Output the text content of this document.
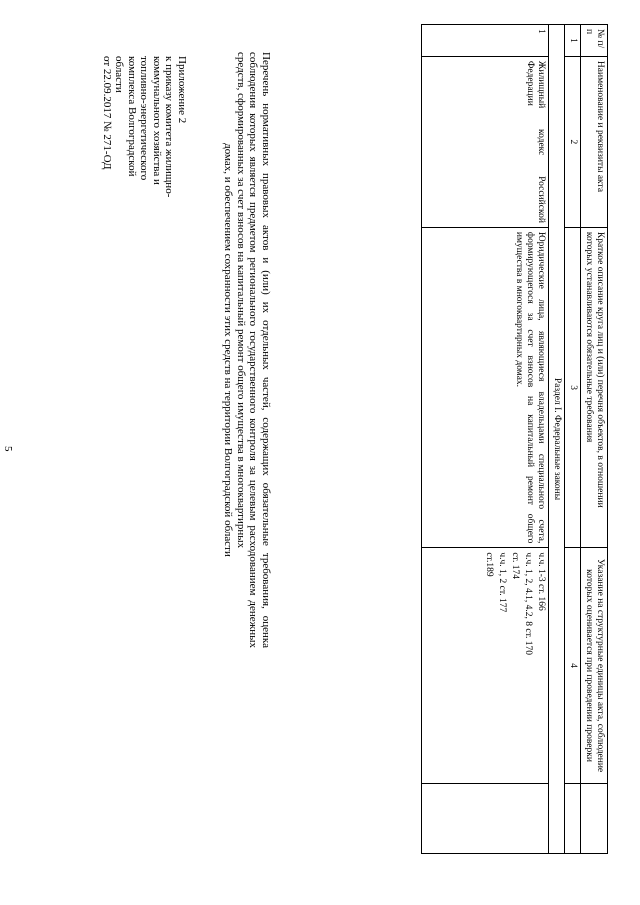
5
Приложение 2
к приказу комитета жилищно-
коммунального хозяйства и
топливно-энергетического
комплекса Волгоградской
области
от 22.09.2017 № 271-ОД	Перечень нормативных правовых актов и (или) их отдельных частей, содержащих обязательные требования, оценка соблюдения которых является предметом регионального государственного контроля за целевым расходованием денежных средств, сформированных за счет взносов на капитальный ремонт общего имущества в многоквартирных
домах, и обеспечением сохранности этих средств на территории Волгоградской области
№ п/п	Наименование и реквизиты акта	Краткое описание круга лиц и (или) перечня объектов, в отношении которых устанавливаются обязательные требования	Указание на структурные единицы акта, соблюдение которых оценивается при проведении проверки	
1	2	3	4	
Раздел I. Федеральные законы				
1	Жилищный кодекс Российской Федерации	Юридические лица, являющиеся владельцами специального счета, формирующегося за счет взносов на капитальный ремонт общего имущества в многоквартирных домах.	ч.ч. 1-3 ст. 166
ч.ч. 1, 2, 4.1, 4.2, 8 ст. 170
ст. 174
ч.ч. 1, 2 ст. 177
ст.189	
